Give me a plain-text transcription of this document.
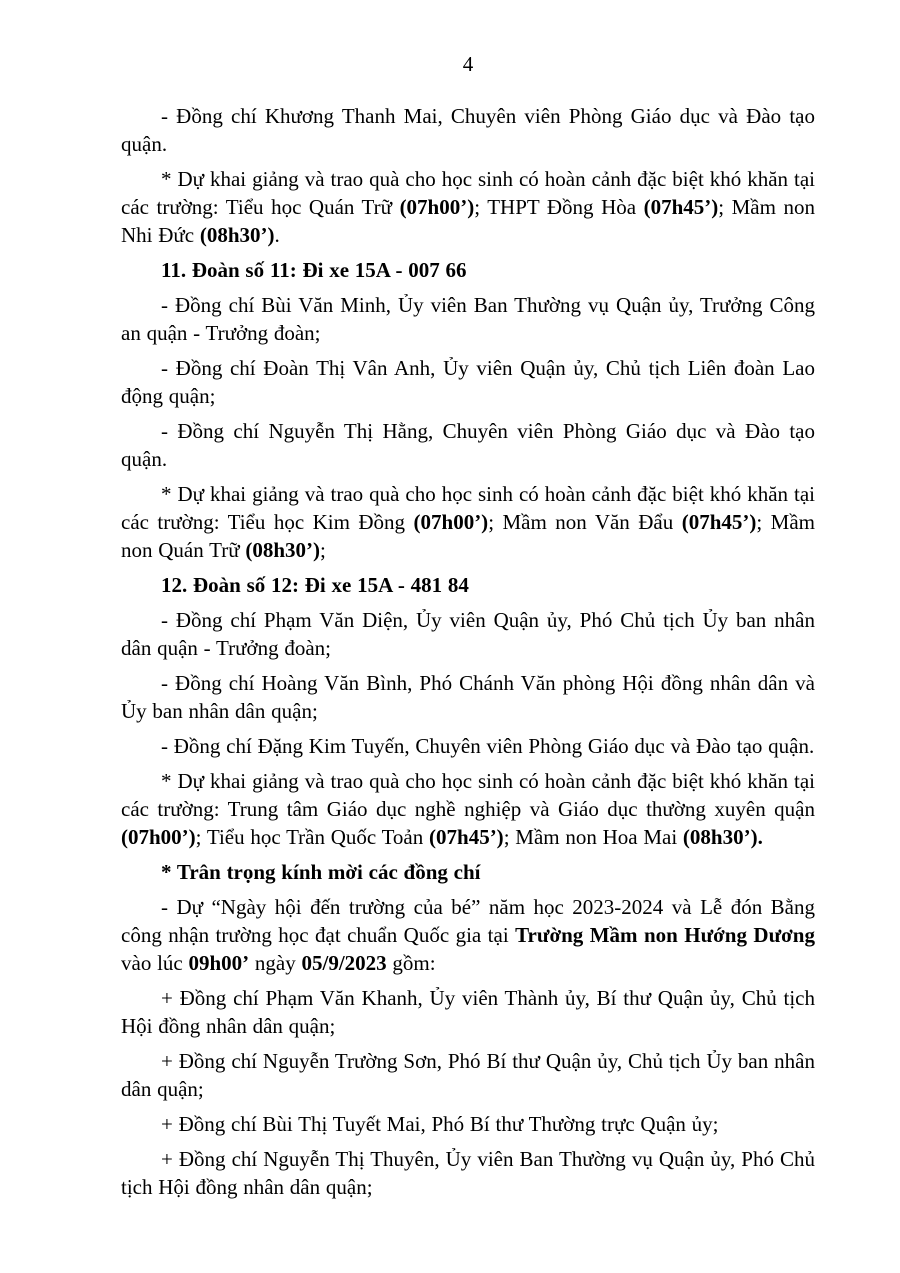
4

- Đồng chí Khương Thanh Mai, Chuyên viên Phòng Giáo dục và Đào tạo quận.

* Dự khai giảng và trao quà cho học sinh có hoàn cảnh đặc biệt khó khăn tại các trường: Tiểu học Quán Trữ (07h00’); THPT Đồng Hòa (07h45’); Mầm non Nhi Đức (08h30’).

11. Đoàn số 11: Đi xe 15A - 007 66

- Đồng chí Bùi Văn Minh, Ủy viên Ban Thường vụ Quận ủy, Trưởng Công an quận - Trưởng đoàn;

- Đồng chí Đoàn Thị Vân Anh, Ủy viên Quận ủy, Chủ tịch Liên đoàn Lao động quận;

- Đồng chí Nguyễn Thị Hằng, Chuyên viên Phòng Giáo dục và Đào tạo quận.

* Dự khai giảng và trao quà cho học sinh có hoàn cảnh đặc biệt khó khăn tại các trường: Tiểu học Kim Đồng (07h00’); Mầm non Văn Đẩu (07h45’); Mầm non Quán Trữ (08h30’);

12. Đoàn số 12: Đi xe 15A - 481 84

- Đồng chí Phạm Văn Diện, Ủy viên Quận ủy, Phó Chủ tịch Ủy ban nhân dân quận - Trưởng đoàn;

- Đồng chí Hoàng Văn Bình, Phó Chánh Văn phòng Hội đồng nhân dân và Ủy ban nhân dân quận;

- Đồng chí Đặng Kim Tuyến, Chuyên viên Phòng Giáo dục và Đào tạo quận.

* Dự khai giảng và trao quà cho học sinh có hoàn cảnh đặc biệt khó khăn tại các trường: Trung tâm Giáo dục nghề nghiệp và Giáo dục thường xuyên quận (07h00’); Tiểu học Trần Quốc Toản (07h45’); Mầm non Hoa Mai (08h30’).

* Trân trọng kính mời các đồng chí

- Dự “Ngày hội đến trường của bé” năm học 2023-2024 và Lễ đón Bằng công nhận trường học đạt chuẩn Quốc gia tại Trường Mầm non Hướng Dương vào lúc 09h00’ ngày 05/9/2023 gồm:

+ Đồng chí Phạm Văn Khanh, Ủy viên Thành ủy, Bí thư Quận ủy, Chủ tịch Hội đồng nhân dân quận;

+ Đồng chí Nguyễn Trường Sơn, Phó Bí thư Quận ủy, Chủ tịch Ủy ban nhân dân quận;

+ Đồng chí Bùi Thị Tuyết Mai, Phó Bí thư Thường trực Quận ủy;

+ Đồng chí Nguyễn Thị Thuyên, Ủy viên Ban Thường vụ Quận ủy, Phó Chủ tịch Hội đồng nhân dân quận;
